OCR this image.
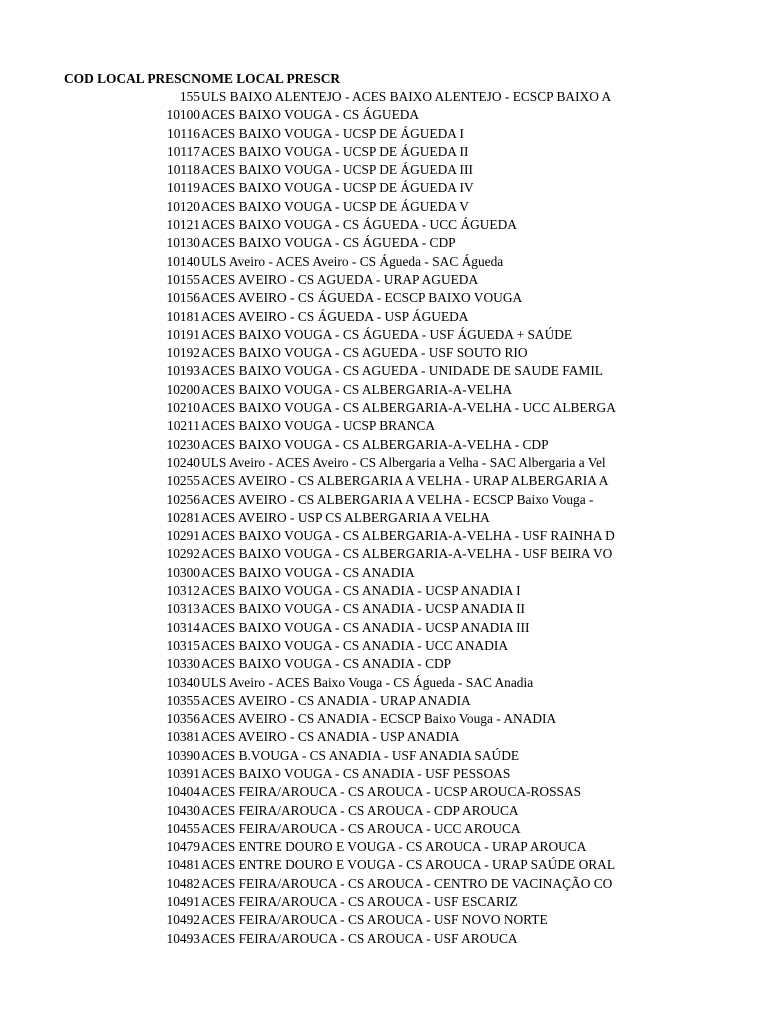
COD LOCAL PRESCNOME LOCAL PRESCR
155 ULS BAIXO ALENTEJO - ACES BAIXO ALENTEJO - ECSCP BAIXO A
10100 ACES BAIXO VOUGA - CS ÁGUEDA
10116 ACES BAIXO VOUGA - UCSP DE ÁGUEDA I
10117 ACES BAIXO VOUGA - UCSP DE ÁGUEDA II
10118 ACES BAIXO VOUGA - UCSP DE ÁGUEDA III
10119 ACES BAIXO VOUGA - UCSP DE ÁGUEDA IV
10120 ACES BAIXO VOUGA - UCSP DE ÁGUEDA V
10121 ACES BAIXO VOUGA - CS ÁGUEDA - UCC ÁGUEDA
10130 ACES BAIXO VOUGA - CS ÁGUEDA - CDP
10140 ULS Aveiro - ACES Aveiro - CS Águeda - SAC Águeda
10155 ACES AVEIRO - CS AGUEDA - URAP AGUEDA
10156 ACES AVEIRO - CS ÁGUEDA - ECSCP BAIXO VOUGA
10181 ACES AVEIRO - CS ÁGUEDA - USP ÁGUEDA
10191 ACES BAIXO VOUGA - CS ÁGUEDA - USF ÁGUEDA + SAÚDE
10192 ACES BAIXO VOUGA - CS AGUEDA - USF SOUTO RIO
10193 ACES BAIXO VOUGA - CS AGUEDA - UNIDADE DE SAUDE FAMIL
10200 ACES BAIXO VOUGA - CS ALBERGARIA-A-VELHA
10210 ACES BAIXO VOUGA - CS ALBERGARIA-A-VELHA - UCC ALBERGA
10211 ACES BAIXO VOUGA - UCSP BRANCA
10230 ACES BAIXO VOUGA - CS ALBERGARIA-A-VELHA - CDP
10240 ULS Aveiro - ACES Aveiro - CS Albergaria a Velha - SAC Albergaria a Vel
10255 ACES AVEIRO - CS ALBERGARIA A VELHA - URAP ALBERGARIA A
10256 ACES AVEIRO - CS ALBERGARIA A VELHA - ECSCP Baixo Vouga -
10281 ACES AVEIRO - USP CS ALBERGARIA A VELHA
10291 ACES BAIXO VOUGA - CS ALBERGARIA-A-VELHA - USF RAINHA D
10292 ACES BAIXO VOUGA - CS ALBERGARIA-A-VELHA - USF BEIRA VO
10300 ACES BAIXO VOUGA - CS ANADIA
10312 ACES BAIXO VOUGA - CS ANADIA - UCSP ANADIA I
10313 ACES BAIXO VOUGA - CS ANADIA - UCSP ANADIA II
10314 ACES BAIXO VOUGA - CS ANADIA - UCSP ANADIA III
10315 ACES BAIXO VOUGA - CS ANADIA - UCC ANADIA
10330 ACES BAIXO VOUGA - CS ANADIA - CDP
10340 ULS Aveiro - ACES Baixo Vouga - CS Águeda - SAC Anadia
10355 ACES AVEIRO - CS ANADIA - URAP ANADIA
10356 ACES AVEIRO - CS ANADIA - ECSCP Baixo Vouga - ANADIA
10381 ACES AVEIRO - CS ANADIA - USP ANADIA
10390 ACES B.VOUGA - CS ANADIA - USF ANADIA SAÚDE
10391 ACES BAIXO VOUGA - CS ANADIA - USF PESSOAS
10404 ACES FEIRA/AROUCA - CS AROUCA - UCSP AROUCA-ROSSAS
10430 ACES FEIRA/AROUCA - CS AROUCA - CDP AROUCA
10455 ACES FEIRA/AROUCA - CS AROUCA - UCC AROUCA
10479 ACES ENTRE DOURO E VOUGA - CS AROUCA - URAP AROUCA
10481 ACES ENTRE DOURO E VOUGA - CS AROUCA - URAP SAÚDE ORAL
10482 ACES FEIRA/AROUCA - CS AROUCA - CENTRO DE VACINAÇÃO CO
10491 ACES FEIRA/AROUCA - CS AROUCA - USF ESCARIZ
10492 ACES FEIRA/AROUCA - CS AROUCA - USF NOVO NORTE
10493 ACES FEIRA/AROUCA - CS AROUCA - USF AROUCA
